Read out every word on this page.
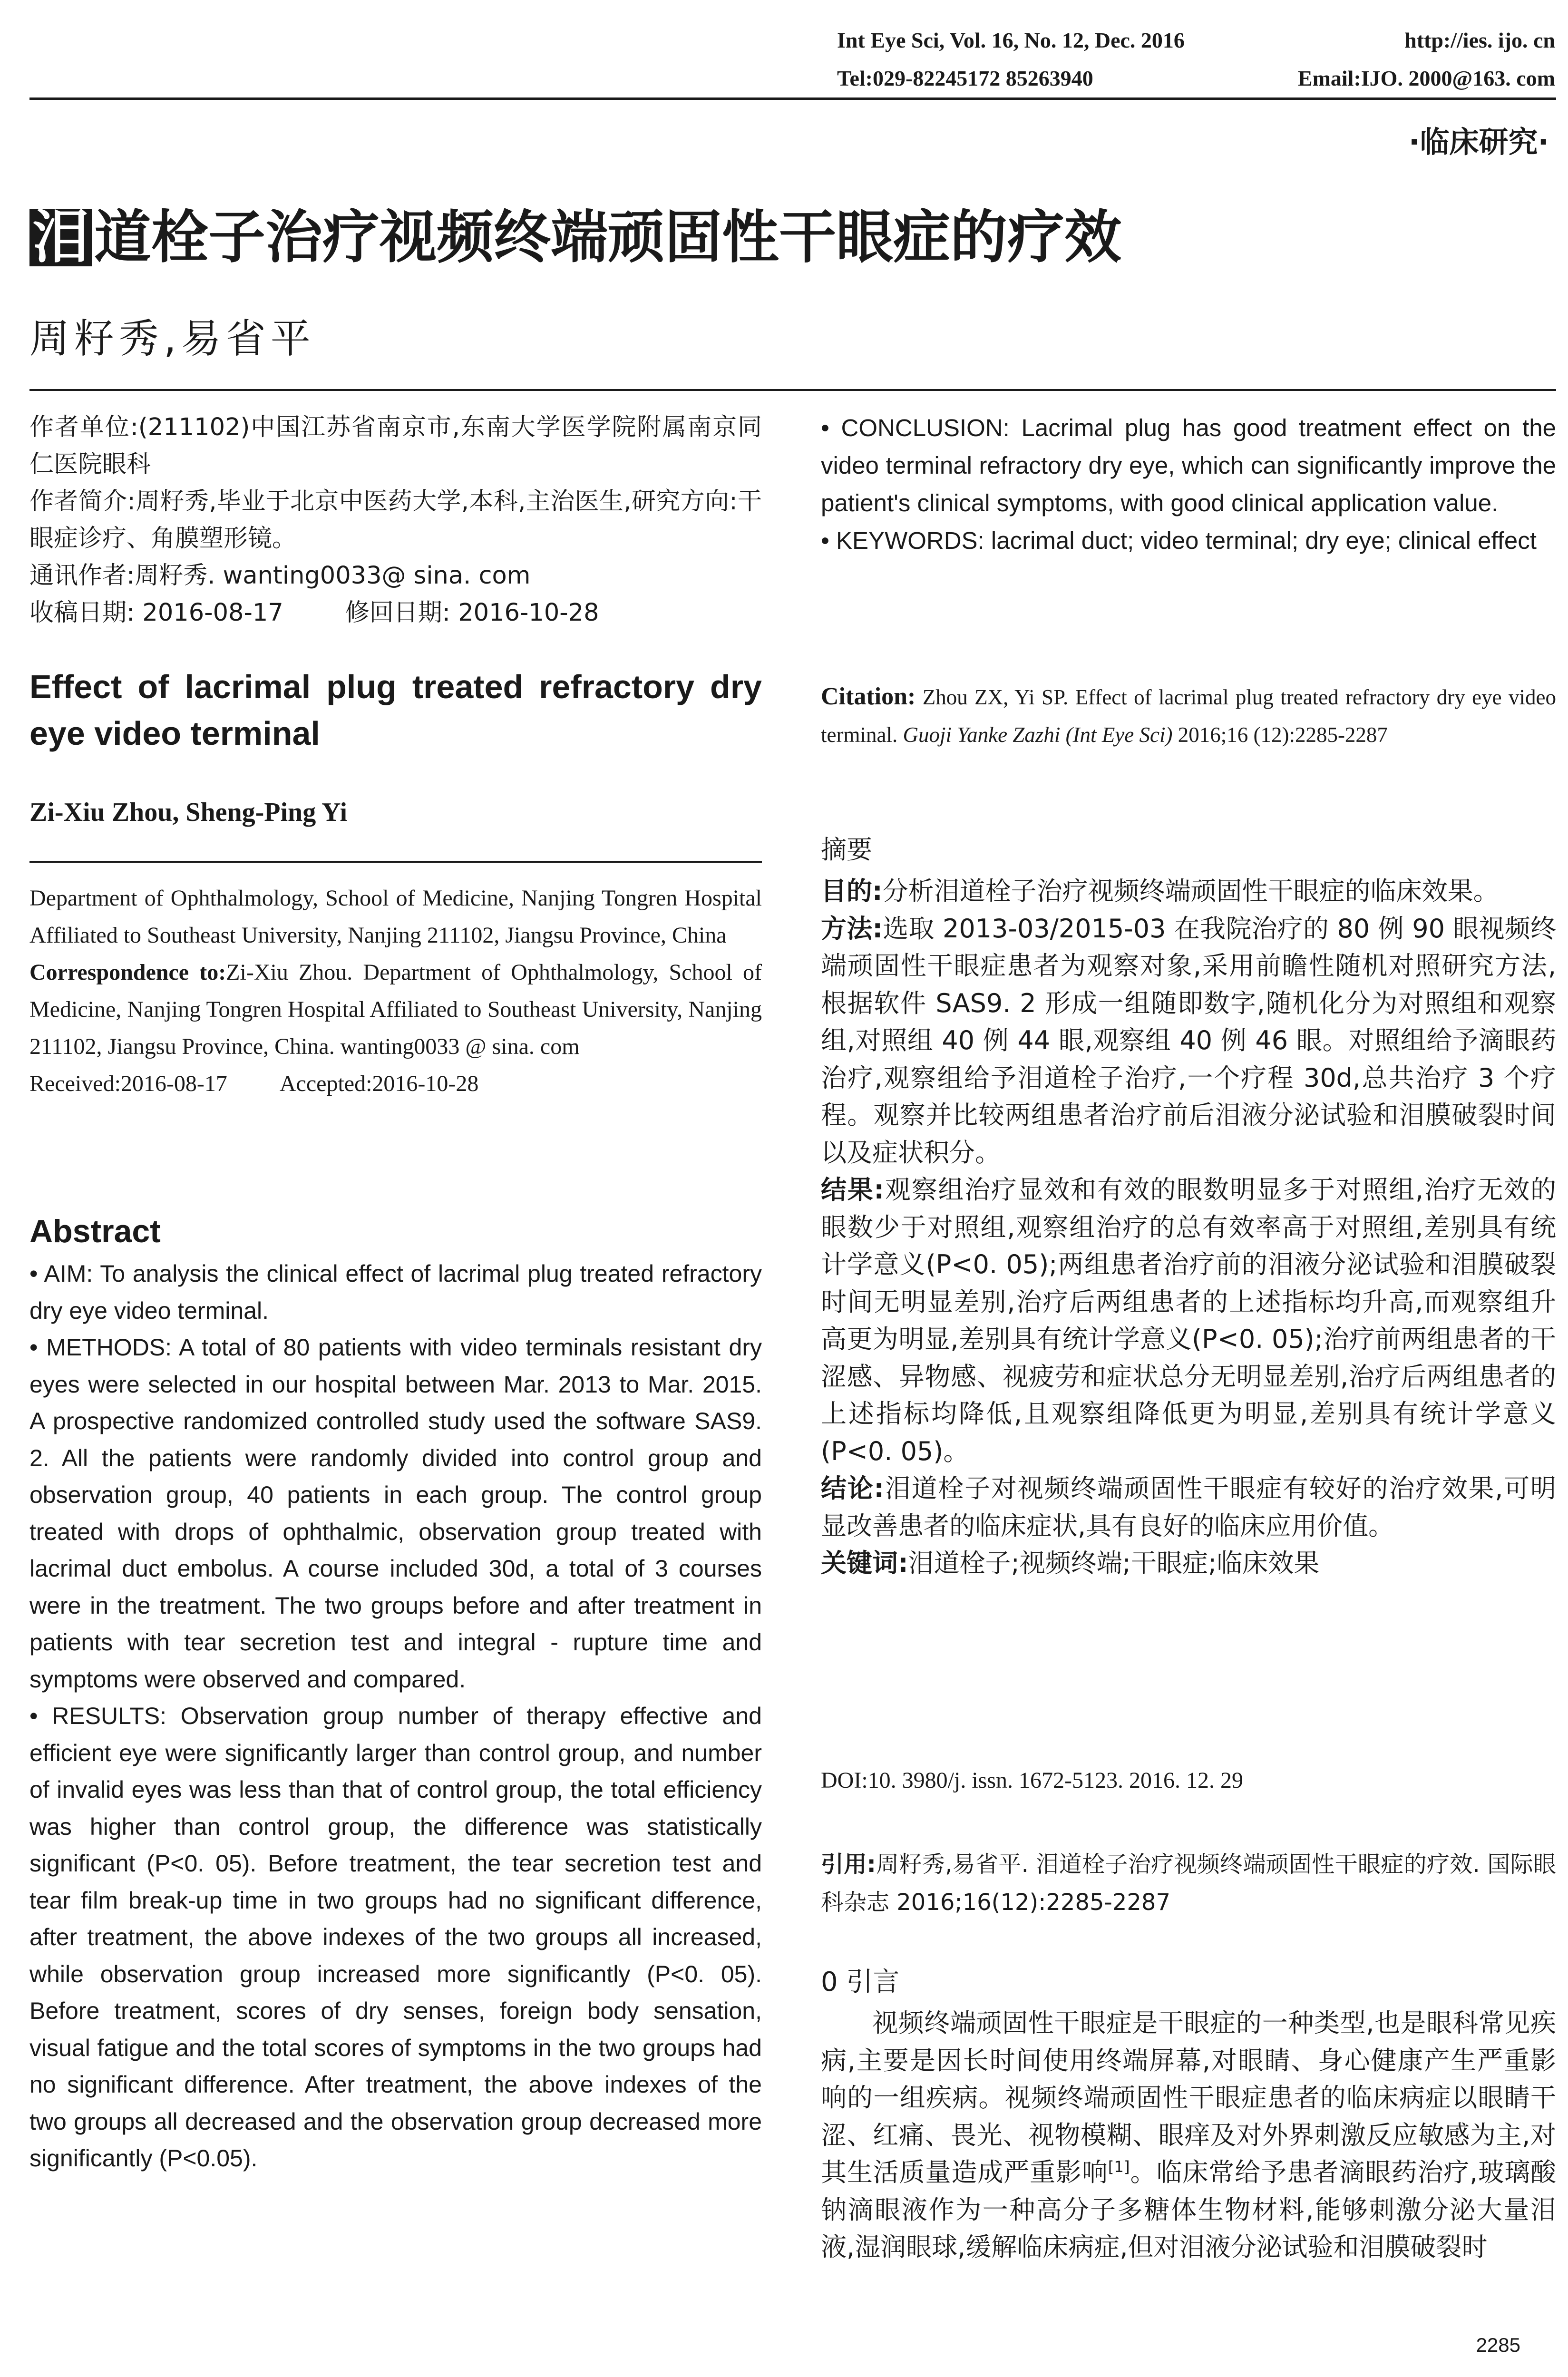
Int Eye Sci, Vol. 16, No. 12, Dec. 2016	http://ies. ijo. cn
Tel:029-82245172 85263940	Email:IJO. 2000@163. com
·临床研究·
泪 道栓子治疗视频终端顽固性干眼症的疗效
周籽秀,易省平
作者单位:(211102)中国江苏省南京市,东南大学医学院附属南京同仁医院眼科
作者简介:周籽秀,毕业于北京中医药大学,本科,主治医生,研究方向:干眼症诊疗、角膜塑形镜。
通讯作者:周籽秀. wanting0033@ sina. com
收稿日期: 2016-08-17	修回日期: 2016-10-28
Effect of lacrimal plug treated refractory dry eye video terminal
Zi-Xiu Zhou, Sheng-Ping Yi
Department of Ophthalmology, School of Medicine, Nanjing Tongren Hospital Affiliated to Southeast University, Nanjing 211102, Jiangsu Province, China
Correspondence to:Zi-Xiu Zhou. Department of Ophthalmology, School of Medicine, Nanjing Tongren Hospital Affiliated to Southeast University, Nanjing 211102, Jiangsu Province, China. wanting0033 @ sina. com
Received:2016-08-17 Accepted:2016-10-28
Abstract

• AIM: To analysis the clinical effect of lacrimal plug treated refractory dry eye video terminal.

• METHODS: A total of 80 patients with video terminals resistant dry eyes were selected in our hospital between Mar. 2013 to Mar. 2015. A prospective randomized controlled study used the software SAS9. 2. All the patients were randomly divided into control group and observation group, 40 patients in each group. The control group treated with drops of ophthalmic, observation group treated with lacrimal duct embolus. A course included 30d, a total of 3 courses were in the treatment. The two groups before and after treatment in patients with tear secretion test and integral - rupture time and symptoms were observed and compared.

• RESULTS: Observation group number of therapy effective and efficient eye were significantly larger than control group, and number of invalid eyes was less than that of control group, the total efficiency was higher than control group, the difference was statistically significant (P<0. 05). Before treatment, the tear secretion test and tear film break-up time in two groups had no significant difference, after treatment, the above indexes of the two groups all increased, while observation group increased more significantly (P<0. 05). Before treatment, scores of dry senses, foreign body sensation, visual fatigue and the total scores of symptoms in the two groups had no significant difference. After treatment, the above indexes of the two groups all decreased and the observation group decreased more significantly (P<0.05).

• CONCLUSION: Lacrimal plug has good treatment effect on the video terminal refractory dry eye, which can significantly improve the patient's clinical symptoms, with good clinical application value.

• KEYWORDS: lacrimal duct; video terminal; dry eye; clinical effect

Citation: Zhou ZX, Yi SP. Effect of lacrimal plug treated refractory dry eye video terminal. Guoji Yanke Zazhi (Int Eye Sci) 2016;16 (12):2285-2287
摘要
目的:分析泪道栓子治疗视频终端顽固性干眼症的临床效果。
方法:选取 2013-03/2015-03 在我院治疗的 80 例 90 眼视频终端顽固性干眼症患者为观察对象,采用前瞻性随机对照研究方法,根据软件 SAS9. 2 形成一组随即数字,随机化分为对照组和观察组,对照组 40 例 44 眼,观察组 40 例 46 眼。对照组给予滴眼药治疗,观察组给予泪道栓子治疗,一个疗程 30d,总共治疗 3 个疗程。观察并比较两组患者治疗前后泪液分泌试验和泪膜破裂时间以及症状积分。
结果:观察组治疗显效和有效的眼数明显多于对照组,治疗无效的眼数少于对照组,观察组治疗的总有效率高于对照组,差别具有统计学意义(P<0. 05);两组患者治疗前的泪液分泌试验和泪膜破裂时间无明显差别,治疗后两组患者的上述指标均升高,而观察组升高更为明显,差别具有统计学意义(P<0. 05);治疗前两组患者的干涩感、异物感、视疲劳和症状总分无明显差别,治疗后两组患者的上述指标均降低,且观察组降低更为明显,差别具有统计学意义(P<0. 05)。
结论:泪道栓子对视频终端顽固性干眼症有较好的治疗效果,可明显改善患者的临床症状,具有良好的临床应用价值。
关键词:泪道栓子;视频终端;干眼症;临床效果
DOI:10. 3980/j. issn. 1672-5123. 2016. 12. 29
引用:周籽秀,易省平. 泪道栓子治疗视频终端顽固性干眼症的疗效. 国际眼科杂志 2016;16(12):2285-2287
0 引言
视频终端顽固性干眼症是干眼症的一种类型,也是眼科常见疾病,主要是因长时间使用终端屏幕,对眼睛、身心健康产生严重影响的一组疾病。视频终端顽固性干眼症患者的临床病症以眼睛干涩、红痛、畏光、视物模糊、眼痒及对外界刺激反应敏感为主,对其生活质量造成严重影响[1]。临床常给予患者滴眼药治疗,玻璃酸钠滴眼液作为一种高分子多糖体生物材料,能够刺激分泌大量泪液,湿润眼球,缓解临床病症,但对泪液分泌试验和泪膜破裂时
2285
